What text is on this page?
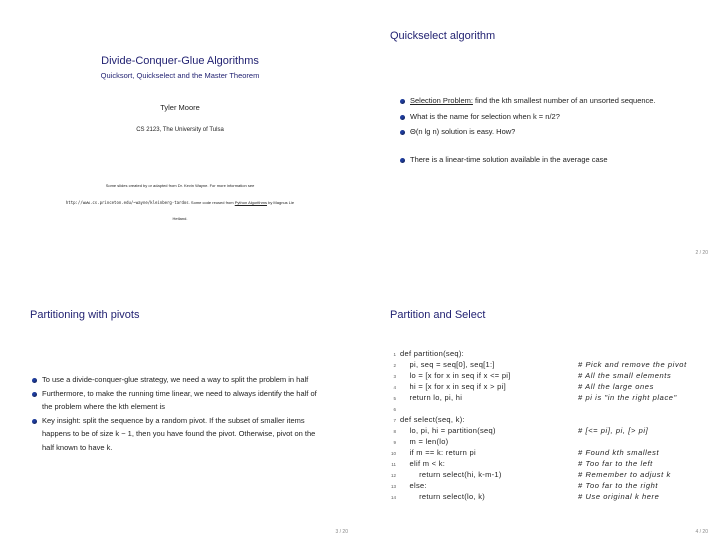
Divide-Conquer-Glue Algorithms
Quicksort, Quickselect and the Master Theorem
Tyler Moore
CS 2123, The University of Tulsa
Some slides created by or adapted from Dr. Kevin Wayne. For more information see
http://www.cs.princeton.edu/~wayne/kleinberg-tardos. Some code reused from Python Algorithms by Magnus Lie
Hetland.
Quickselect algorithm
Selection Problem: find the kth smallest number of an unsorted sequence.
What is the name for selection when k = n/2?
Θ(n lg n) solution is easy. How?
There is a linear-time solution available in the average case
2 / 20
Partitioning with pivots
To use a divide-conquer-glue strategy, we need a way to split the problem in half
Furthermore, to make the running time linear, we need to always identify the half of the problem where the kth element is
Key insight: split the sequence by a random pivot. If the subset of smaller items happens to be of size k − 1, then you have found the pivot. Otherwise, pivot on the half known to have k.
3 / 20
Partition and Select
1 def partition(seq):
2 pi, seq = seq[0], seq[1:]	# Pick and remove the pivot
3 lo = [x for x in seq if x <= pi]	# All the small elements
4 hi = [x for x in seq if x > pi]	# All the large ones
5 return lo, pi, hi	# pi is "in the right place"
6
7 def select(seq, k):
8 lo, pi, hi = partition(seq)	# [<= pi], pi, [> pi]
9 m = len(lo)
10 if m == k: return pi	# Found kth smallest
11 elif m < k:	# Too far to the left
12 return select(hi, k-m-1)	# Remember to adjust k
13 else:	# Too far to the right
14 return select(lo, k)	# Use original k here
4 / 20
